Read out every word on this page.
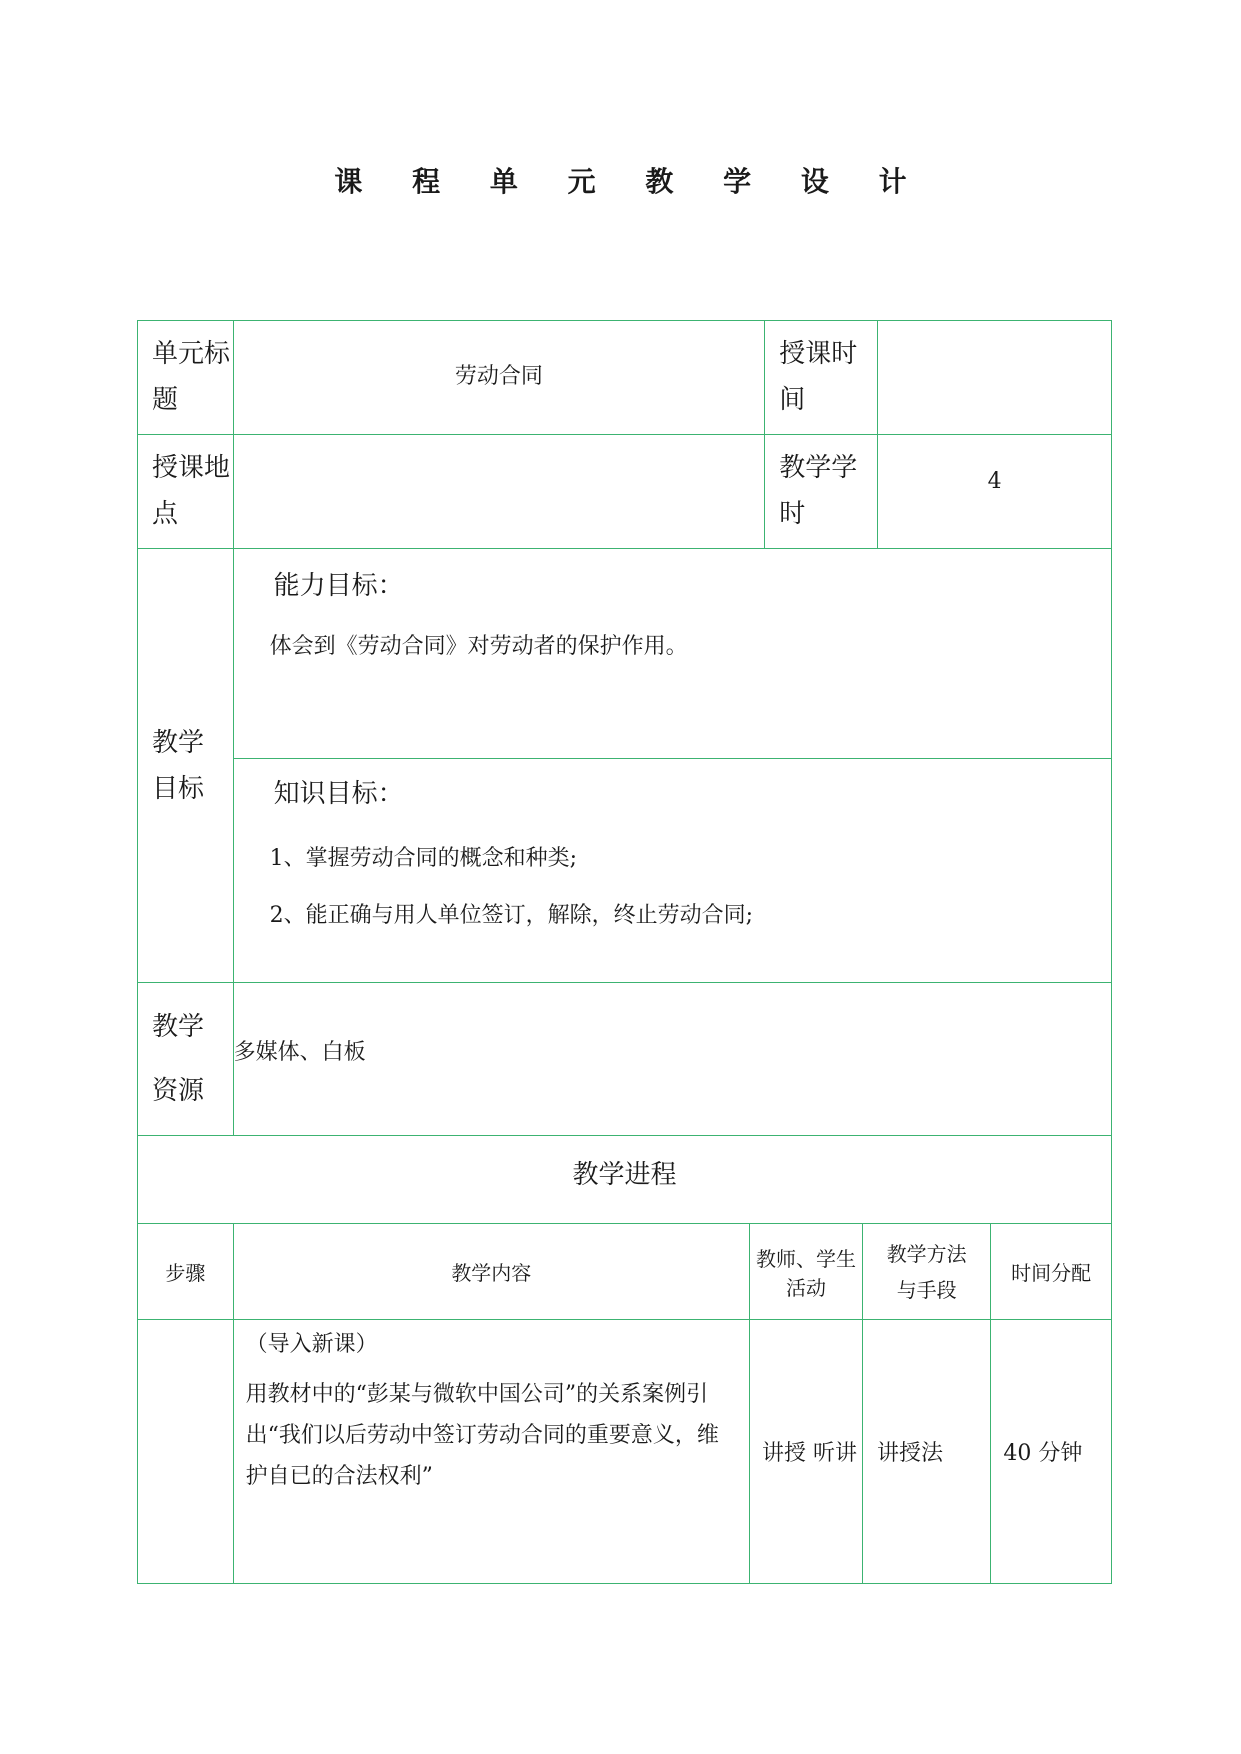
课 程 单 元 教 学 设 计
单元标题	劳动合同		授课时间			
授课地点			教学学时		4	

教学目标	能力目标：
体会到《劳动合同》对劳动者的保护作用。					

	知识目标：
1、掌握劳动合同的概念和种类;
2、能正确与用人单位签订，解除，终止劳动合同;					

教学资源	多媒体、白板					
教学进程						
步骤	教学内容	教师、学生活动		教学方法与手段		时间分配

	（导入新课）
用教材中的“彭某与微软中国公司”的关系案例引出“我们以后劳动中签订劳动合同的重要意义，维护自已的合法权利”	讲授 听讲		讲授法		40 分钟
